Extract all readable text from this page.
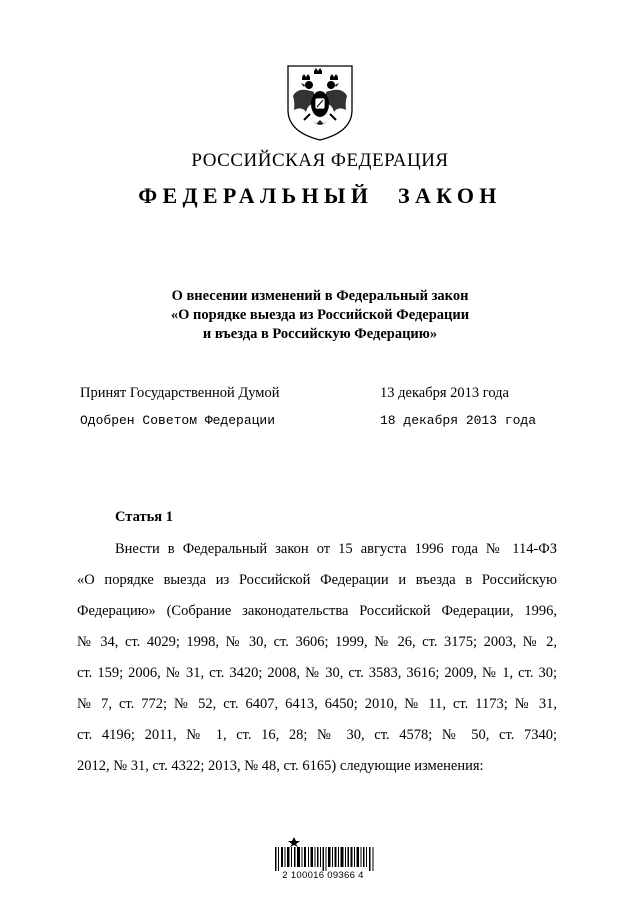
РОССИЙСКАЯ ФЕДЕРАЦИЯ
ФЕДЕРАЛЬНЫЙ ЗАКОН
О внесении изменений в Федеральный закон
«О порядке выезда из Российской Федерации
и въезда в Российскую Федерацию»
Принят Государственной Думой	13 декабря 2013 года
Одобрен Советом Федерации	18 декабря 2013 года
Статья 1
Внести в Федеральный закон от 15 августа 1996 года № 114-ФЗ
«О порядке выезда из Российской Федерации и въезда в Российскую
Федерацию» (Собрание законодательства Российской Федерации, 1996,
№ 34, ст. 4029; 1998, № 30, ст. 3606; 1999, № 26, ст. 3175; 2003, № 2,
ст. 159; 2006, № 31, ст. 3420; 2008, № 30, ст. 3583, 3616; 2009, № 1, ст. 30;
№ 7, ст. 772; № 52, ст. 6407, 6413, 6450; 2010, № 11, ст. 1173; № 31,
ст. 4196; 2011, № 1, ст. 16, 28; № 30, ст. 4578; № 50, ст. 7340;
2012, № 31, ст. 4322; 2013, № 48, ст. 6165) следующие изменения:
2 100016 09366 4
